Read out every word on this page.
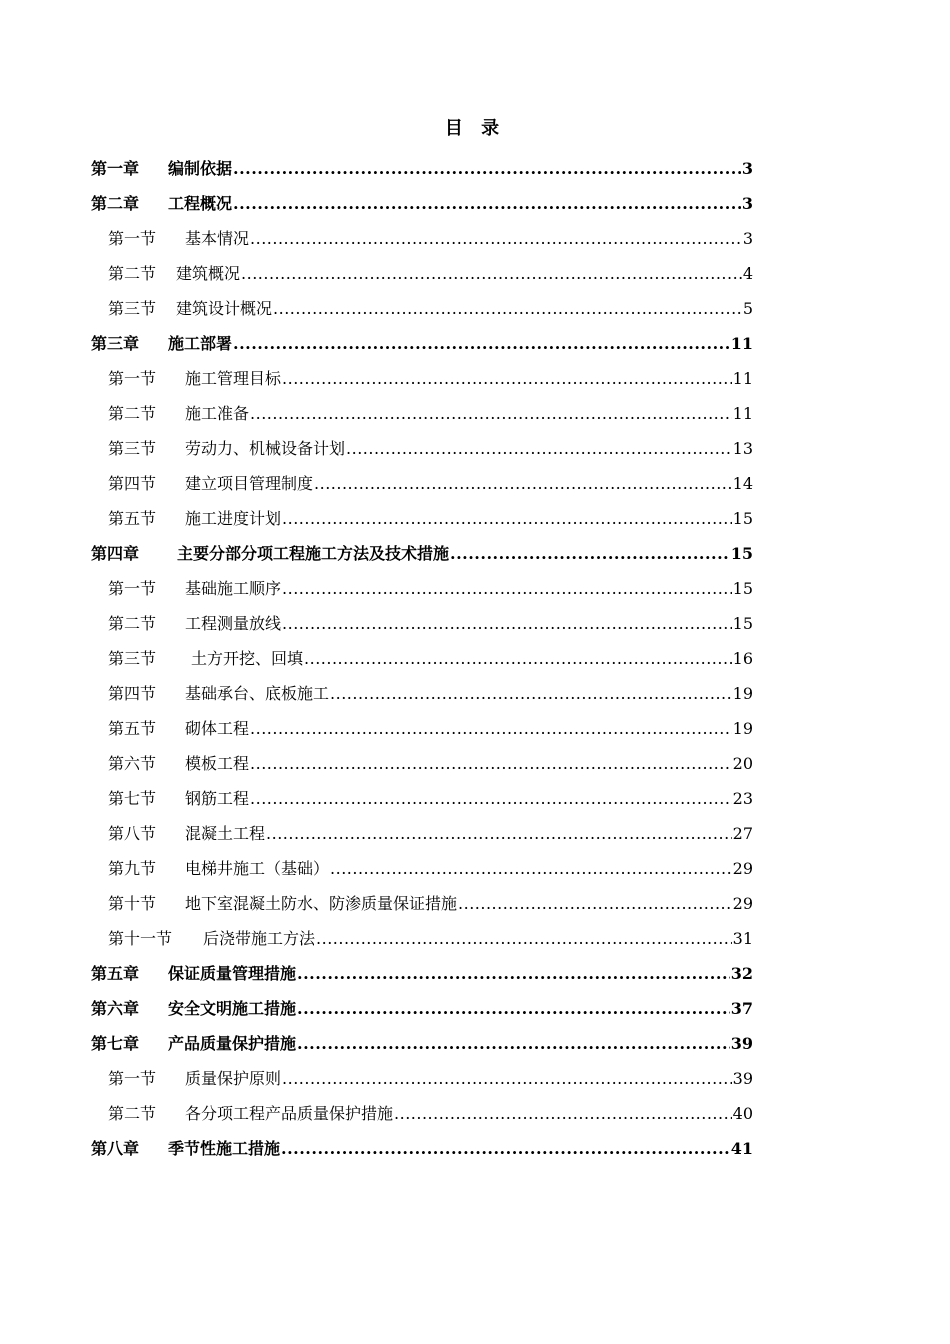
目 录
第一章	编制依据 .....	3
第二章	工程概况 .....	3
第一节	基本情况 .....	3
第二节	建筑概况 .....	4
第三节	建筑设计概况 .....	5
第三章	施工部署 .....	11
第一节	施工管理目标 .....	11
第二节	施工准备 .....	11
第三节	劳动力、机械设备计划 .....	13
第四节	建立项目管理制度 .....	14
第五节	施工进度计划 .....	15
第四章	主要分部分项工程施工方法及技术措施 .....	15
第一节	基础施工顺序 .....	15
第二节	工程测量放线 .....	15
第三节	土方开挖、回填 .....	16
第四节	基础承台、底板施工 .....	19
第五节	砌体工程 .....	19
第六节	模板工程 .....	20
第七节	钢筋工程 .....	23
第八节	混凝土工程 .....	27
第九节	电梯井施工（基础） .....	29
第十节	地下室混凝土防水、防渗质量保证措施 .....	29
第十一节	后浇带施工方法 .....	31
第五章	保证质量管理措施 .....	32
第六章	安全文明施工措施 .....	37
第七章	产品质量保护措施 .....	39
第一节	质量保护原则 .....	39
第二节	各分项工程产品质量保护措施 .....	40
第八章	季节性施工措施 .....	41
